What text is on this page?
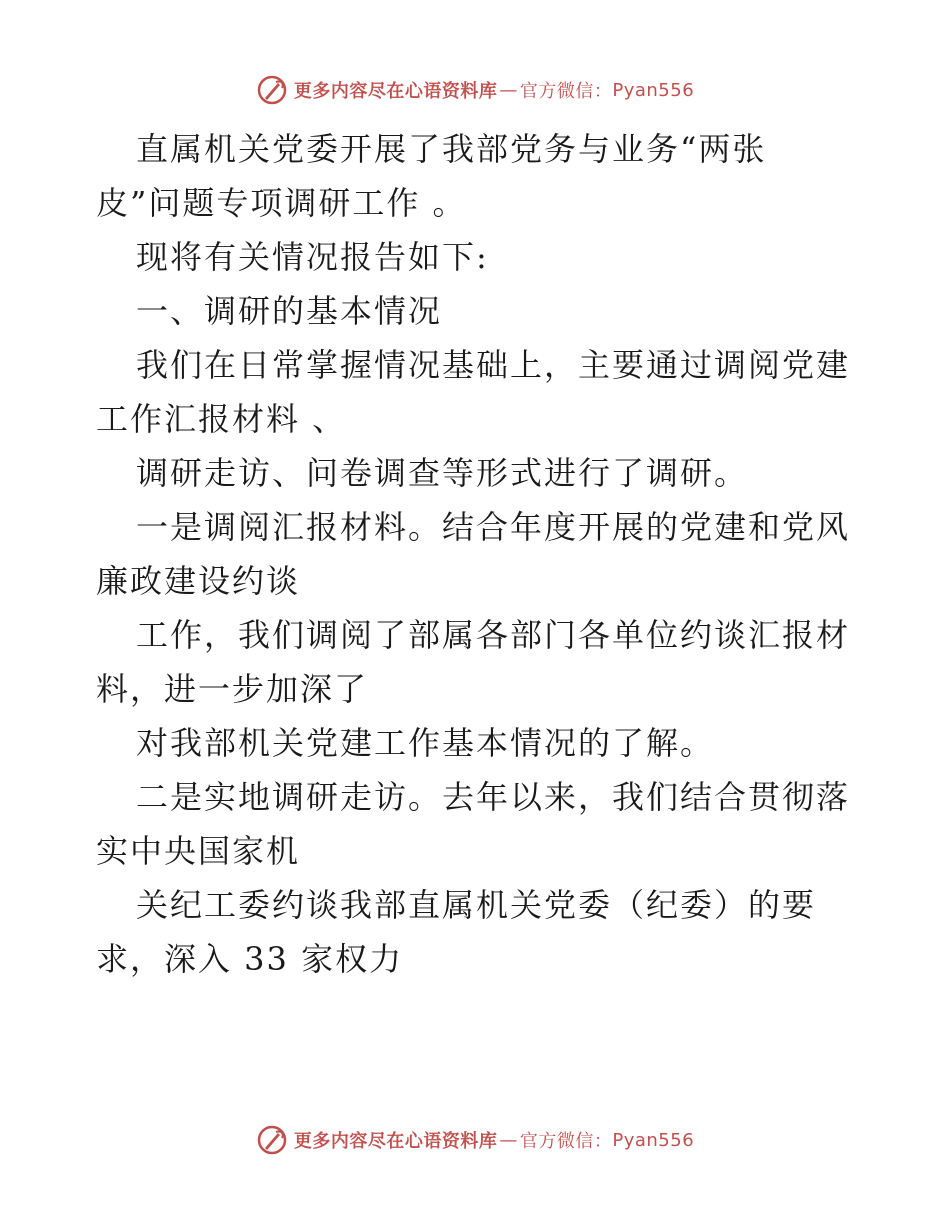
更多内容尽在心语资料库 — 官方微信： Pyan556

直属机关党委开展了我部党务与业务“两张

皮”问题专项调研工作 。

现将有关情况报告如下:

一、调研的基本情况

我们在日常掌握情况基础上，主要通过调阅党建

工作汇报材料 、

调研走访、问卷调查等形式进行了调研。

一是调阅汇报材料。结合年度开展的党建和党风

廉政建设约谈

工作，我们调阅了部属各部门各单位约谈汇报材

料，进一步加深了

对我部机关党建工作基本情况的了解。

二是实地调研走访。去年以来，我们结合贯彻落

实中央国家机

关纪工委约谈我部直属机关党委（纪委）的要

求，深入 33 家权力

更多内容尽在心语资料库 — 官方微信： Pyan556
